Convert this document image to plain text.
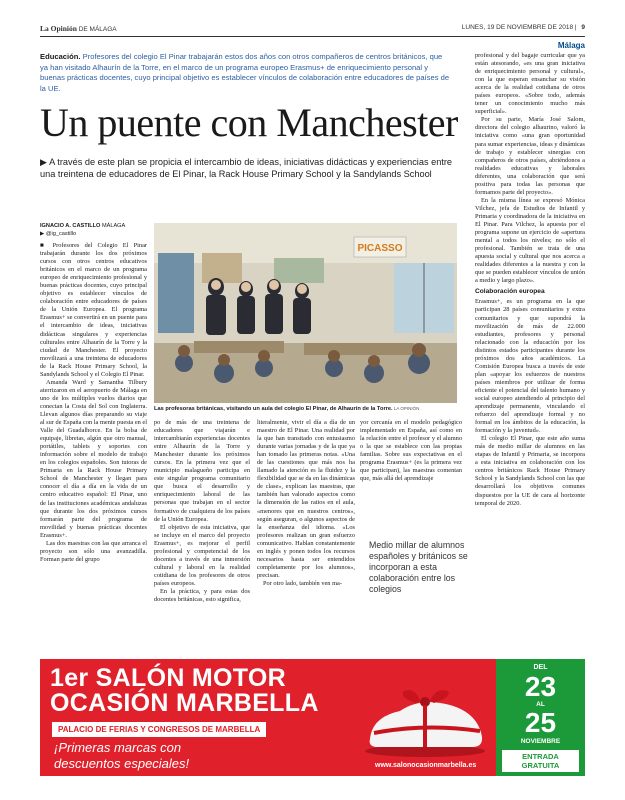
La Opinión DE MÁLAGA	LUNES, 19 DE NOVIEMBRE DE 2018 | 9
Málaga

Educación. Profesores del colegio El Pinar trabajarán estos dos años con otros compañeros de centros británicos, que ya han visitado Alhaurín de la Torre, en el marco de un programa europeo Erasmus+ de enriquecimiento personal y buenas prácticas docentes, cuyo principal objetivo es establecer vínculos de colaboración entre educadores de países de la UE.

Un puente con Manchester

▶ A través de este plan se propicia el intercambio de ideas, iniciativas didácticas y experiencias entre una treintena de educadores de El Pinar, la Rack House Primary School y la Sandylands School

IGNACIO A. CASTILLO MÁLAGA
▶ @ig_castillo

■ Profesores del Colegio El Pinar trabajarán durante los dos próximos cursos con otros centros educativos británicos en el marco de un programa europeo de enriquecimiento profesional y buenas prácticas docentes, cuyo principal objetivo es establecer vínculos de colaboración entre educadores de países de la Unión Europea. El programa Erasmus+ se convertirá en un puente para el intercambio de ideas, iniciativas didácticas singulares y experiencias culturales entre Alhaurín de la Torre y la ciudad de Manchester. El proyecto movilizará a una treintena de educadores de la Rack House Primary School, la Sandylands School y el Colegio El Pinar.

Amanda Ward y Samantha Tilbury aterrizaron en el aeropuerto de Málaga en uno de los múltiples vuelos diarios que conectan la Costa del Sol con Inglaterra. Llevan algunos días preparando su viaje al sur de España con la mente puesta en el Valle del Guadalhorce. En la bolsa de equipaje, libretas, algún que otro manual, portátiles, tablets y soportes con información sobre el modelo de trabajo en los colegios españoles. Son tutoras de Primaria en la Rack House Primary School de Manchester y llegan para conocer el día a día en la vida de un centro educativo español: El Pinar, uno de las instituciones académicas andaluzas que durante los dos próximos cursos formarán parte del programa de movilidad y buenas prácticas docentes Erasmus+.

Las dos maestras con las que arranca el proyecto son sólo una avanzadilla. Forman parte del grupo

PICASSO
Las profesoras británicas, visitando un aula del colegio El Pinar, de Alhaurín de la Torre. LA OPINIÓN

po de más de una treintena de educadores que viajarán e intercambiarán experiencias docentes entre Alhaurín de la Torre y Manchester durante los próximos cursos. En la primera vez que el municipio malagueño participa en este singular programa comunitario que busca el desarrollo y enriquecimiento laboral de las personas que trabajan en el sector formativo de cualquiera de los países de la Unión Europea.

El objetivo de esta iniciativa, que se incluye en el marco del proyecto Erasmus+, es mejorar el perfil profesional y competencial de los docentes a través de una inmersión cultural y laboral en la realidad cotidiana de los profesores de otros países europeos.

En la práctica, y para estas dos docentes británicas, esto significa,

literalmente, vivir el día a día de un maestro de El Pinar. Una realidad por la que han transitado con entusiasmo durante varias jornadas y de la que ya han tomado las primeras notas. «Una de las cuestiones que más nos ha llamado la atención es la fluidez y la flexibilidad que se da en las dinámicas de clase», explican las maestras, que también han valorado aspectos como la dimensión de las ratios en el aula, «menores que en nuestros centros», según aseguran, o algunos aspectos de la enseñanza del idioma. «Los profesores realizan un gran esfuerzo comunicativo. Hablan constantemente en inglés y ponen todos los recursos necesarios hasta ser entendidos completamente por los alumnos», precisan.

Por otro lado, también ven ma-

yor cercanía en el modelo pedagógico implementado en España, así como en la relación entre el profesor y el alumno o la que se establece con las propias familias. Sobre sus expectativas en el programa Erasmus+ (es la primera vez que participan), las maestras comentan que, más allá del aprendizaje

Medio millar de alumnos españoles y británicos se incorporan a esta colaboración entre los colegios

profesional y del bagaje curricular que ya están atesorando, «es una gran iniciativa de enriquecimiento personal y cultural», con la que esperan ensanchar su visión acerca de la realidad cotidiana de otros países europeos. «Sobre todo, además tener un conocimiento mucho más superficial».

Por su parte, María José Salom, directora del colegio alhaurino, valoró la iniciativa como «una gran oportunidad para sumar experiencias, ideas y dinámicas de trabajo y establecer sinergias con compañeros de otros países, abriéndonos a realidades educativas y laborales diferentes, una colaboración que será positiva para todas las personas que formamos parte del proyecto».

En la misma línea se expresó Mónica Vilchez, jefa de Estudios de Infantil y Primaria y coordinadora de la iniciativa en El Pinar. Para Vilchez, la apuesta por el programa supone un ejercicio de «apertura mental a todos los niveles; no sólo el profesional. También se trata de una apuesta social y cultural que nos acerca a realidades diferentes a la nuestra y con la que se pueden establecer vínculos de unión a medio y largo plazo».

Colaboración europea

Erasmus+, es un programa en la que participan 28 países comunitarios y extra comunitarios y que supondrá la movilización de más de 22.000 estudiantes, profesores y personal relacionado con la educación por los distintos estados participantes durante los próximos dos años académicos. La Comisión Europea busca a través de este plan «apoyar los esfuerzos de nuestros países miembros por utilizar de forma eficiente el potencial del talento humano y social europeo atendiendo al principio del aprendizaje permanente, vinculando el refuerzo del aprendizaje formal y no formal en los ámbitos de la educación, la formación y la juventud».

El colegio El Pinar, que este año suma más de medio millar de alumnos en las etapas de Infantil y Primaria, se incorpora a esta iniciativa en colaboración con los centros británicos Rack House Primary School y la Sandylands School con las que desarrollará los objetivos comunes dispuestos por la UE de cara al horizonte temporal de 2020.

1er SALÓN MOTOR
OCASIÓN MARBELLA
PALACIO DE FERIAS Y CONGRESOS DE MARBELLA
¡Primeras marcas con
descuentos especiales!	www.salonocasionmarbella.es
DEL
23
AL
25
NOVIEMBRE
ENTRADA
GRATUITA
